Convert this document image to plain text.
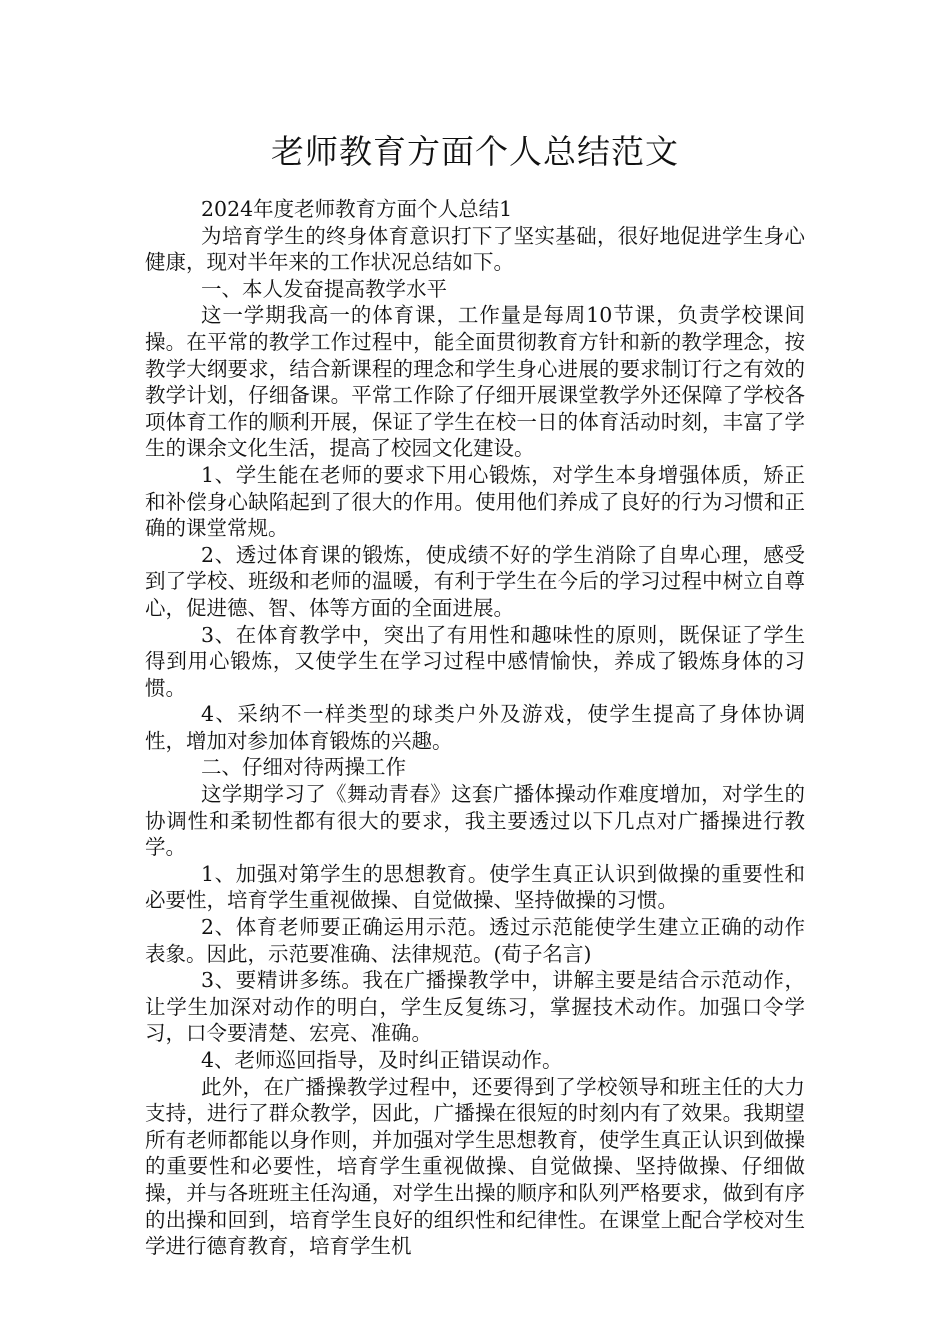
老师教育方面个人总结范文

2024年度老师教育方面个人总结1

为培育学生的终身体育意识打下了坚实基础，很好地促进学生身心健康，现对半年来的工作状况总结如下。

一、本人发奋提高教学水平

这一学期我高一的体育课，工作量是每周10节课，负责学校课间操。在平常的教学工作过程中，能全面贯彻教育方针和新的教学理念，按教学大纲要求，结合新课程的理念和学生身心进展的要求制订行之有效的教学计划，仔细备课。平常工作除了仔细开展课堂教学外还保障了学校各项体育工作的顺利开展，保证了学生在校一日的体育活动时刻，丰富了学生的课余文化生活，提高了校园文化建设。

1、学生能在老师的要求下用心锻炼，对学生本身增强体质，矫正和补偿身心缺陷起到了很大的作用。使用他们养成了良好的行为习惯和正确的课堂常规。

2、透过体育课的锻炼，使成绩不好的学生消除了自卑心理，感受到了学校、班级和老师的温暖，有利于学生在今后的学习过程中树立自尊心，促进德、智、体等方面的全面进展。

3、在体育教学中，突出了有用性和趣味性的原则，既保证了学生得到用心锻炼，又使学生在学习过程中感情愉快，养成了锻炼身体的习惯。

4、采纳不一样类型的球类户外及游戏，使学生提高了身体协调性，增加对参加体育锻炼的兴趣。

二、仔细对待两操工作

这学期学习了《舞动青春》这套广播体操动作难度增加，对学生的协调性和柔韧性都有很大的要求，我主要透过以下几点对广播操进行教学。

1、加强对第学生的思想教育。使学生真正认识到做操的重要性和必要性，培育学生重视做操、自觉做操、坚持做操的习惯。

2、体育老师要正确运用示范。透过示范能使学生建立正确的动作表象。因此，示范要准确、法律规范。(荀子名言)

3、要精讲多练。我在广播操教学中，讲解主要是结合示范动作，让学生加深对动作的明白，学生反复练习，掌握技术动作。加强口令学习，口令要清楚、宏亮、准确。

4、老师巡回指导，及时纠正错误动作。

此外，在广播操教学过程中，还要得到了学校领导和班主任的大力支持，进行了群众教学，因此，广播操在很短的时刻内有了效果。我期望所有老师都能以身作则，并加强对学生思想教育，使学生真正认识到做操的重要性和必要性，培育学生重视做操、自觉做操、坚持做操、仔细做操，并与各班班主任沟通，对学生出操的顺序和队列严格要求，做到有序的出操和回到，培育学生良好的组织性和纪律性。在课堂上配合学校对生学进行德育教育，培育学生机
